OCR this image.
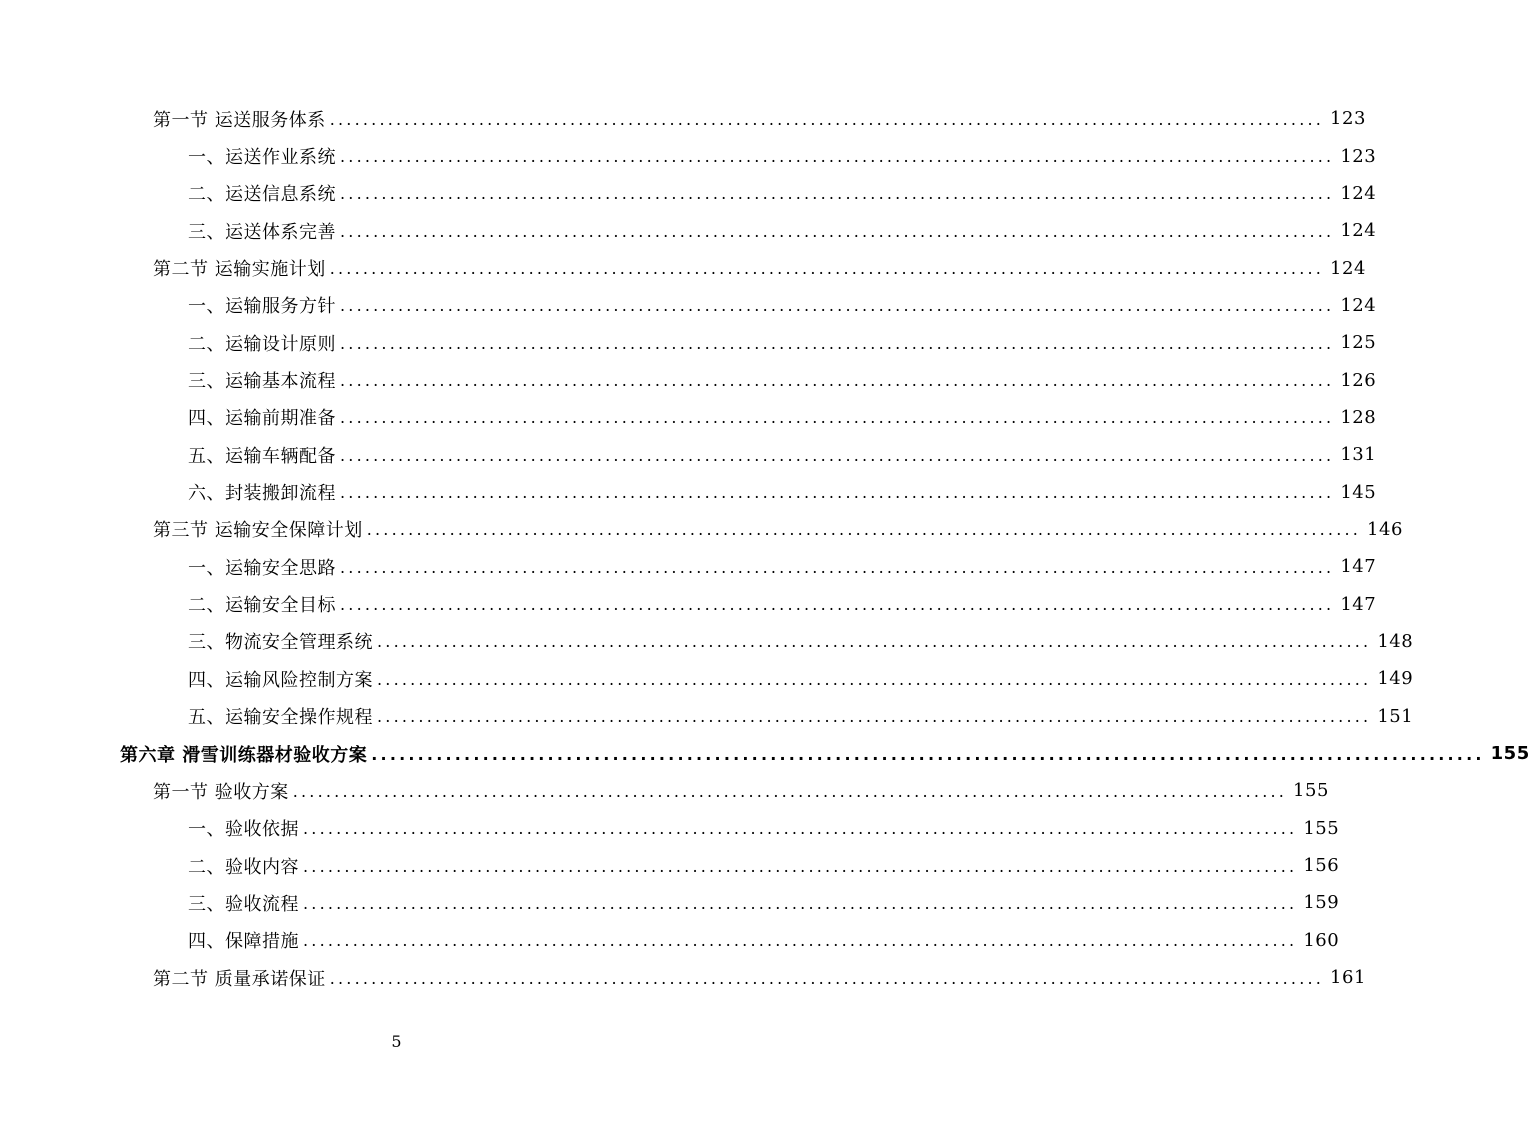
第一节 运送服务体系 ........................................................................................................................ 123
一、运送作业系统 ........................................................................................................................ 123
二、运送信息系统 ........................................................................................................................ 124
三、运送体系完善 ........................................................................................................................ 124
第二节 运输实施计划 ........................................................................................................................ 124
一、运输服务方针 ........................................................................................................................ 124
二、运输设计原则 ........................................................................................................................ 125
三、运输基本流程 ........................................................................................................................ 126
四、运输前期准备 ........................................................................................................................ 128
五、运输车辆配备 ........................................................................................................................ 131
六、封装搬卸流程 ........................................................................................................................ 145
第三节 运输安全保障计划 ........................................................................................................................ 146
一、运输安全思路 ........................................................................................................................ 147
二、运输安全目标 ........................................................................................................................ 147
三、物流安全管理系统 ........................................................................................................................ 148
四、运输风险控制方案 ........................................................................................................................ 149
五、运输安全操作规程 ........................................................................................................................ 151
第六章 滑雪训练器材验收方案 ........................................................................................................................ 155
第一节 验收方案 ........................................................................................................................ 155
一、验收依据 ........................................................................................................................ 155
二、验收内容 ........................................................................................................................ 156
三、验收流程 ........................................................................................................................ 159
四、保障措施 ........................................................................................................................ 160
第二节 质量承诺保证 ........................................................................................................................ 161
5
